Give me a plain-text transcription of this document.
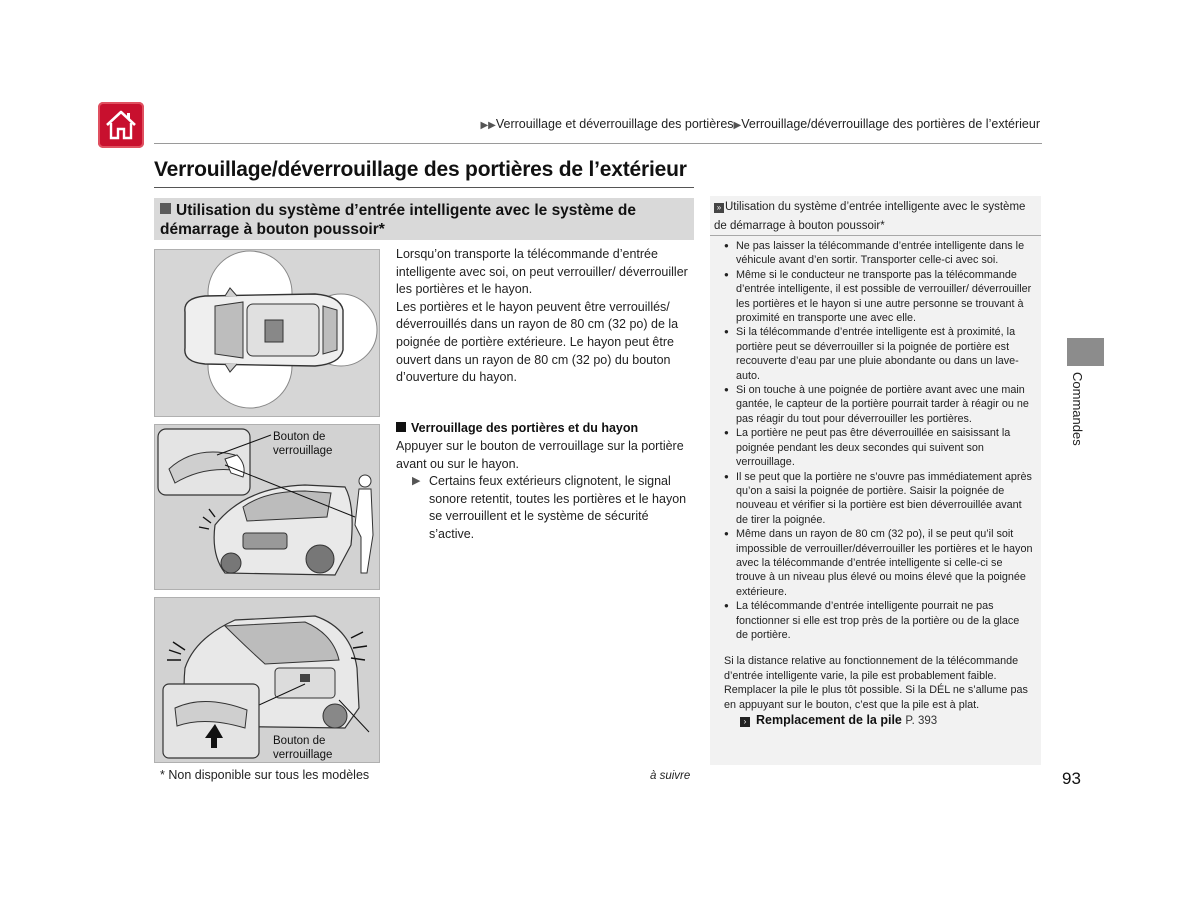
▶▶Verrouillage et déverrouillage des portières▶Verrouillage/déverrouillage des portières de l’extérieur
Verrouillage/déverrouillage des portières de l’extérieur
Utilisation du système d’entrée intelligente avec le système de démarrage à bouton poussoir*
Bouton de
verrouillage
Bouton de
verrouillage
Lorsqu’on transporte la télécommande d’entrée intelligente avec soi, on peut verrouiller/ déverrouiller les portières et le hayon.
Les portières et le hayon peuvent être verrouillés/ déverrouillés dans un rayon de 80 cm (32 po) de la poignée de portière extérieure. Le hayon peut être ouvert dans un rayon de 80 cm (32 po) du bouton d’ouverture du hayon.
Verrouillage des portières et du hayon
Appuyer sur le bouton de verrouillage sur la portière avant ou sur le hayon.
▶ Certains feux extérieurs clignotent, le signal sonore retentit, toutes les portières et le hayon se verrouillent et le système de sécurité s’active.
* Non disponible sur tous les modèles	à suivre
» Utilisation du système d’entrée intelligente avec le système de démarrage à bouton poussoir*
● Ne pas laisser la télécommande d’entrée intelligente dans le véhicule avant d’en sortir. Transporter celle-ci avec soi.
● Même si le conducteur ne transporte pas la télécommande d’entrée intelligente, il est possible de verrouiller/ déverrouiller les portières et le hayon si une autre personne se trouvant à proximité en transporte une avec elle.
● Si la télécommande d’entrée intelligente est à proximité, la portière peut se déverrouiller si la poignée de portière est recouverte d’eau par une pluie abondante ou dans un lave-auto.
● Si on touche à une poignée de portière avant avec une main gantée, le capteur de la portière pourrait tarder à réagir ou ne pas réagir du tout pour déverrouiller les portières.
● La portière ne peut pas être déverrouillée en saisissant la poignée pendant les deux secondes qui suivent son verrouillage.
● Il se peut que la portière ne s’ouvre pas immédiatement après qu’on a saisi la poignée de portière. Saisir la poignée de nouveau et vérifier si la portière est bien déverrouillée avant de tirer la poignée.
● Même dans un rayon de 80 cm (32 po), il se peut qu’il soit impossible de verrouiller/déverrouiller les portières et le hayon avec la télécommande d’entrée intelligente si celle-ci se trouve à un niveau plus élevé ou moins élevé que la poignée extérieure.
● La télécommande d’entrée intelligente pourrait ne pas fonctionner si elle est trop près de la portière ou de la glace de portière.
Si la distance relative au fonctionnement de la télécommande d’entrée intelligente varie, la pile est probablement faible. Remplacer la pile le plus tôt possible. Si la DÉL ne s’allume pas en appuyant sur le bouton, c’est que la pile est à plat.
› Remplacement de la pile P. 393
Commandes
93
